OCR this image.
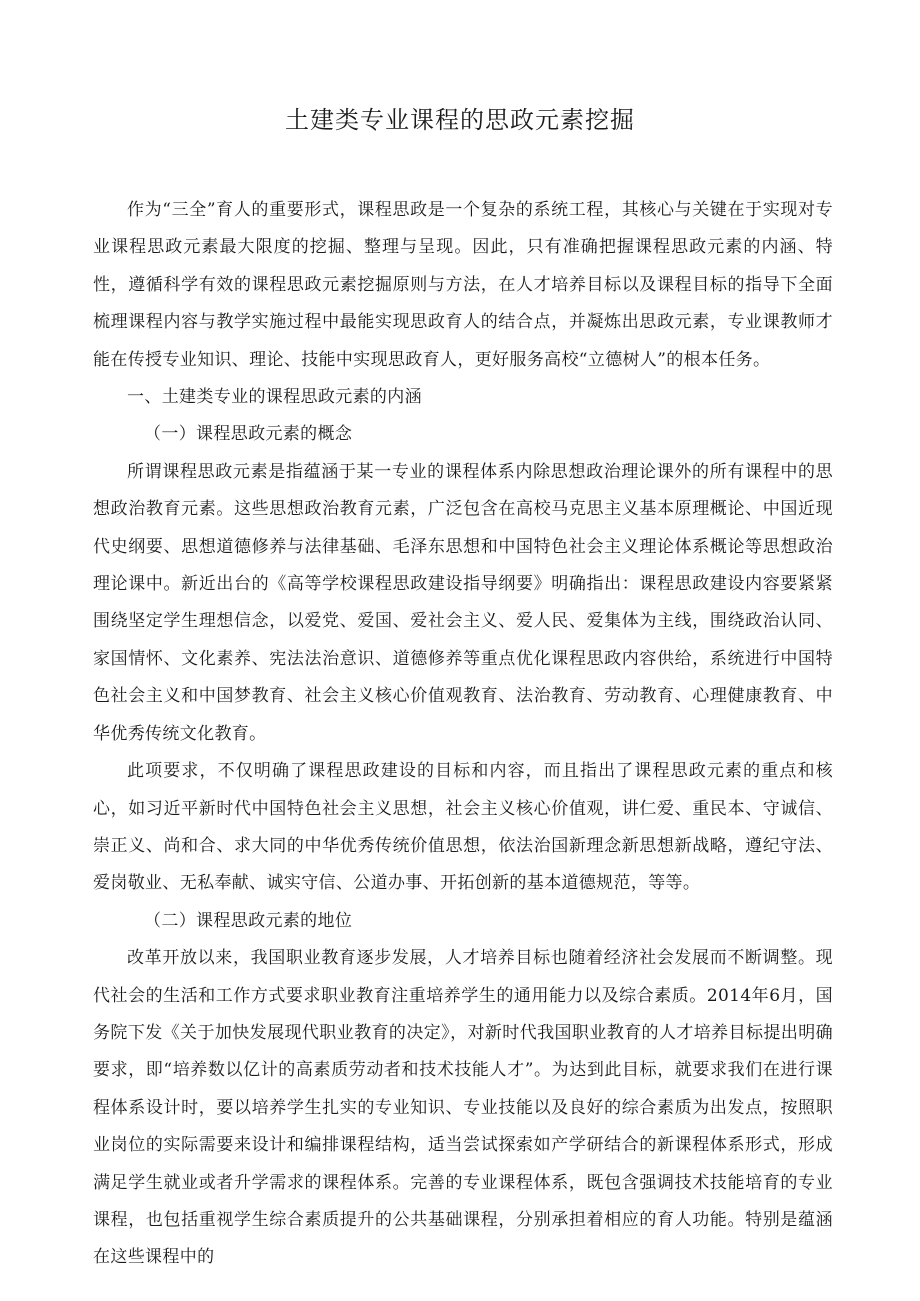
土建类专业课程的思政元素挖掘

作为“三全”育人的重要形式，课程思政是一个复杂的系统工程，其核心与关键在于实现对专业课程思政元素最大限度的挖掘、整理与呈现。因此，只有准确把握课程思政元素的内涵、特性，遵循科学有效的课程思政元素挖掘原则与方法，在人才培养目标以及课程目标的指导下全面梳理课程内容与教学实施过程中最能实现思政育人的结合点，并凝炼出思政元素，专业课教师才能在传授专业知识、理论、技能中实现思政育人，更好服务高校“立德树人”的根本任务。

一、土建类专业的课程思政元素的内涵

（一）课程思政元素的概念

所谓课程思政元素是指蕴涵于某一专业的课程体系内除思想政治理论课外的所有课程中的思想政治教育元素。这些思想政治教育元素，广泛包含在高校马克思主义基本原理概论、中国近现代史纲要、思想道德修养与法律基础、毛泽东思想和中国特色社会主义理论体系概论等思想政治理论课中。新近出台的《高等学校课程思政建设指导纲要》明确指出：课程思政建设内容要紧紧围绕坚定学生理想信念，以爱党、爱国、爱社会主义、爱人民、爱集体为主线，围绕政治认同、家国情怀、文化素养、宪法法治意识、道德修养等重点优化课程思政内容供给，系统进行中国特色社会主义和中国梦教育、社会主义核心价值观教育、法治教育、劳动教育、心理健康教育、中华优秀传统文化教育。

此项要求，不仅明确了课程思政建设的目标和内容，而且指出了课程思政元素的重点和核心，如习近平新时代中国特色社会主义思想，社会主义核心价值观，讲仁爱、重民本、守诚信、崇正义、尚和合、求大同的中华优秀传统价值思想，依法治国新理念新思想新战略，遵纪守法、爱岗敬业、无私奉献、诚实守信、公道办事、开拓创新的基本道德规范，等等。

（二）课程思政元素的地位

改革开放以来，我国职业教育逐步发展，人才培养目标也随着经济社会发展而不断调整。现代社会的生活和工作方式要求职业教育注重培养学生的通用能力以及综合素质。2014年6月，国务院下发《关于加快发展现代职业教育的决定》，对新时代我国职业教育的人才培养目标提出明确要求，即“培养数以亿计的高素质劳动者和技术技能人才”。为达到此目标，就要求我们在进行课程体系设计时，要以培养学生扎实的专业知识、专业技能以及良好的综合素质为出发点，按照职业岗位的实际需要来设计和编排课程结构，适当尝试探索如产学研结合的新课程体系形式，形成满足学生就业或者升学需求的课程体系。完善的专业课程体系，既包含强调技术技能培育的专业课程，也包括重视学生综合素质提升的公共基础课程，分别承担着相应的育人功能。特别是蕴涵在这些课程中的
